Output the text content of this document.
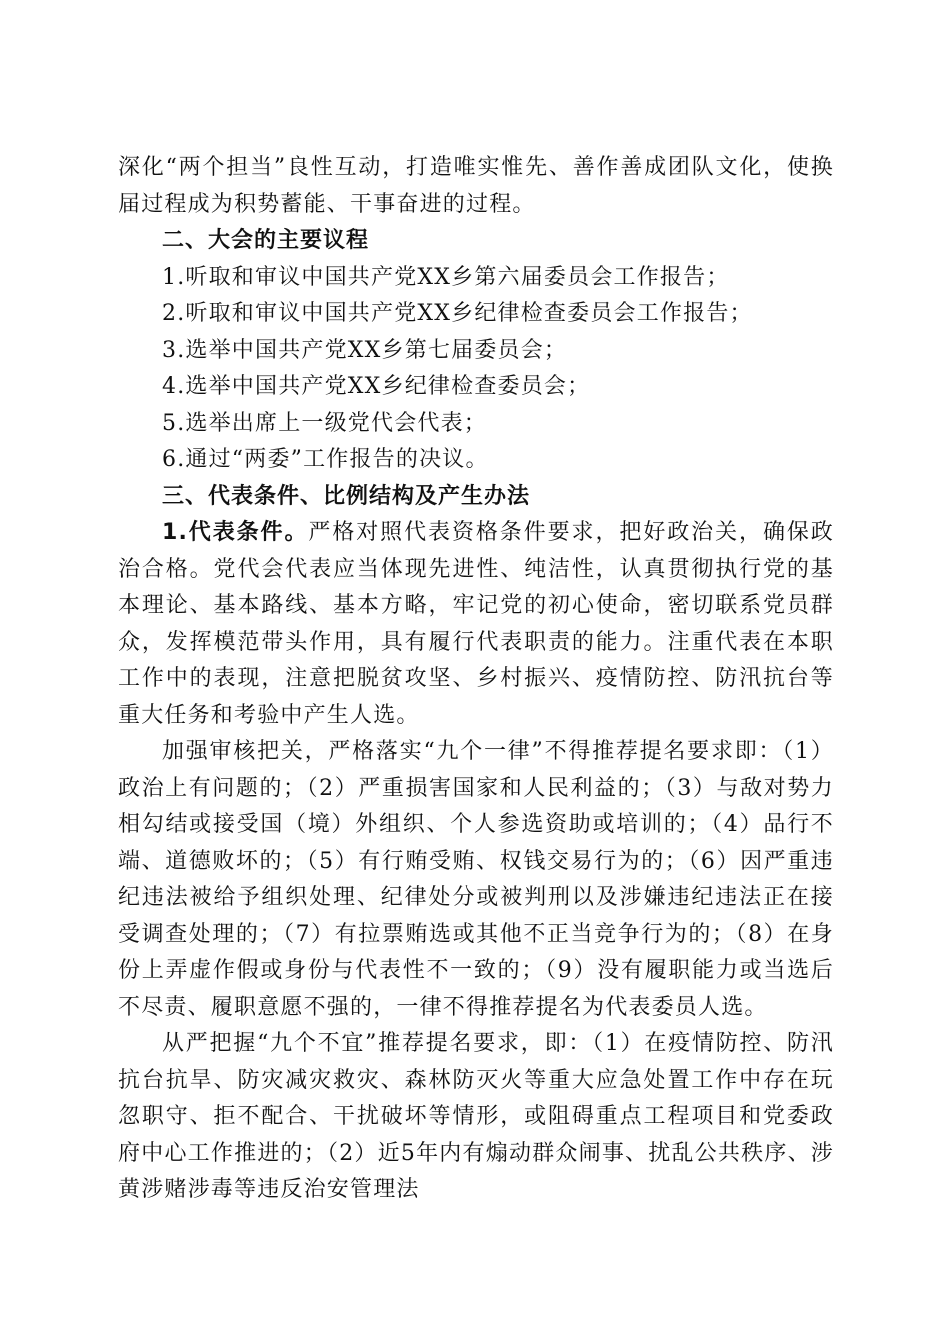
深化“两个担当”良性互动，打造唯实惟先、善作善成团队文化，使换届过程成为积势蓄能、干事奋进的过程。

二、大会的主要议程

1.听取和审议中国共产党XX乡第六届委员会工作报告；

2.听取和审议中国共产党XX乡纪律检查委员会工作报告；

3.选举中国共产党XX乡第七届委员会；

4.选举中国共产党XX乡纪律检查委员会；

5.选举出席上一级党代会代表；

6.通过“两委”工作报告的决议。

三、代表条件、比例结构及产生办法

1.代表条件。严格对照代表资格条件要求，把好政治关，确保政治合格。党代会代表应当体现先进性、纯洁性，认真贯彻执行党的基本理论、基本路线、基本方略，牢记党的初心使命，密切联系党员群众，发挥模范带头作用，具有履行代表职责的能力。注重代表在本职工作中的表现，注意把脱贫攻坚、乡村振兴、疫情防控、防汛抗台等重大任务和考验中产生人选。

加强审核把关，严格落实“九个一律”不得推荐提名要求即：（1）政治上有问题的；（2）严重损害国家和人民利益的；（3）与敌对势力相勾结或接受国（境）外组织、个人参选资助或培训的；（4）品行不端、道德败坏的；（5）有行贿受贿、权钱交易行为的；（6）因严重违纪违法被给予组织处理、纪律处分或被判刑以及涉嫌违纪违法正在接受调查处理的；（7）有拉票贿选或其他不正当竞争行为的；（8）在身份上弄虚作假或身份与代表性不一致的；（9）没有履职能力或当选后不尽责、履职意愿不强的，一律不得推荐提名为代表委员人选。

从严把握“九个不宜”推荐提名要求，即：（1）在疫情防控、防汛抗台抗旱、防灾减灾救灾、森林防灭火等重大应急处置工作中存在玩忽职守、拒不配合、干扰破坏等情形，或阻碍重点工程项目和党委政府中心工作推进的；（2）近5年内有煽动群众闹事、扰乱公共秩序、涉黄涉赌涉毒等违反治安管理法
